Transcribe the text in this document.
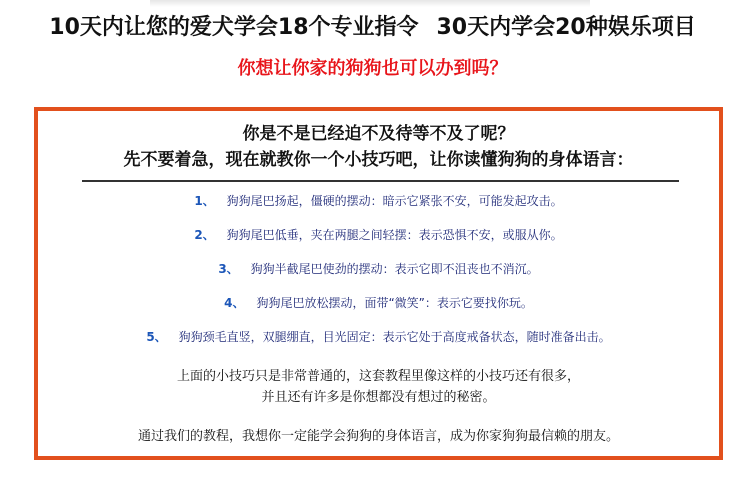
10天内让您的爱犬学会18个专业指令 30天内学会20种娱乐项目
你想让你家的狗狗也可以办到吗？
你是不是已经迫不及待等不及了呢？
先不要着急，现在就教你一个小技巧吧，让你读懂狗狗的身体语言：
1、 狗狗尾巴扬起，僵硬的摆动：暗示它紧张不安，可能发起攻击。
2、 狗狗尾巴低垂，夹在两腿之间轻摆：表示恐惧不安，或服从你。
3、 狗狗半截尾巴使劲的摆动：表示它即不沮丧也不消沉。
4、 狗狗尾巴放松摆动，面带“微笑”：表示它要找你玩。
5、 狗狗颈毛直竖，双腿绷直，目光固定：表示它处于高度戒备状态，随时准备出击。
上面的小技巧只是非常普通的，这套教程里像这样的小技巧还有很多，
并且还有许多是你想都没有想过的秘密。
通过我们的教程，我想你一定能学会狗狗的身体语言，成为你家狗狗最信赖的朋友。
